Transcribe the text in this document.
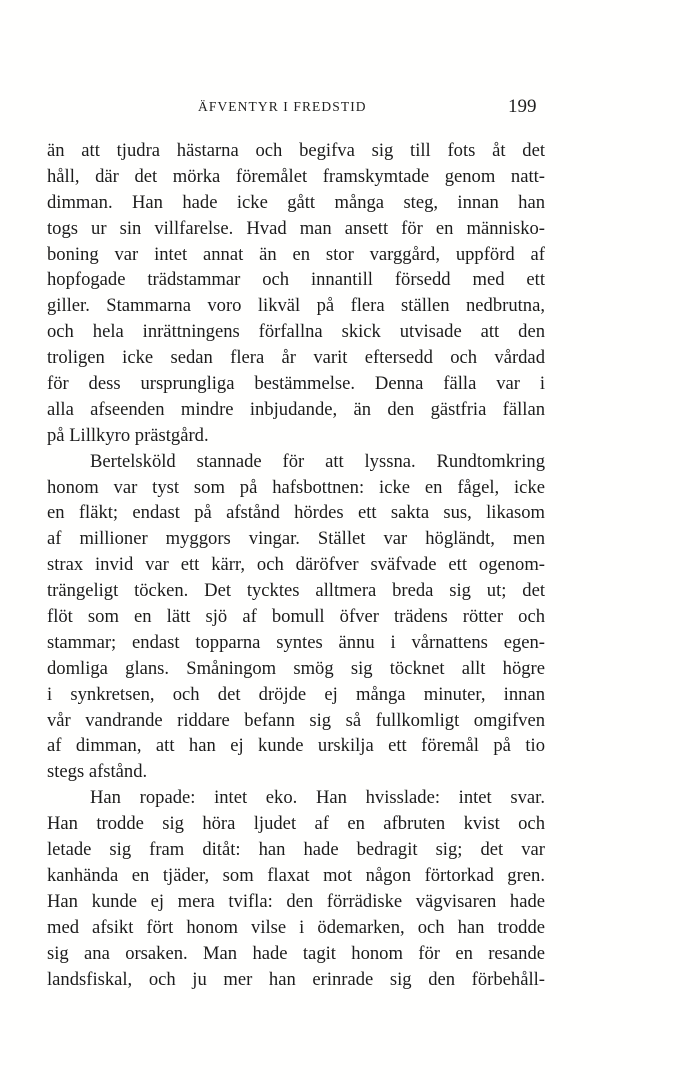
ÄFVENTYR I FREDSTID	199
än att tjudra hästarna och begifva sig till fots åt det
håll, där det mörka föremålet framskymtade genom natt-
dimman. Han hade icke gått många steg, innan han
togs ur sin villfarelse. Hvad man ansett för en människo-
boning var intet annat än en stor varggård, uppförd af
hopfogade trädstammar och innantill försedd med ett
giller. Stammarna voro likväl på flera ställen nedbrutna,
och hela inrättningens förfallna skick utvisade att den
troligen icke sedan flera år varit eftersedd och vårdad
för dess ursprungliga bestämmelse. Denna fälla var i
alla afseenden mindre inbjudande, än den gästfria fällan
på Lillkyro prästgård.
Bertelsköld stannade för att lyssna. Rundtomkring
honom var tyst som på hafsbottnen: icke en fågel, icke
en fläkt; endast på afstånd hördes ett sakta sus, likasom
af millioner myggors vingar. Stället var högländt, men
strax invid var ett kärr, och däröfver sväfvade ett ogenom-
trängeligt töcken. Det tycktes alltmera breda sig ut; det
flöt som en lätt sjö af bomull öfver trädens rötter och
stammar; endast topparna syntes ännu i vårnattens egen-
domliga glans. Småningom smög sig töcknet allt högre
i synkretsen, och det dröjde ej många minuter, innan
vår vandrande riddare befann sig så fullkomligt omgifven
af dimman, att han ej kunde urskilja ett föremål på tio
stegs afstånd.
Han ropade: intet eko. Han hvisslade: intet svar.
Han trodde sig höra ljudet af en afbruten kvist och
letade sig fram ditåt: han hade bedragit sig; det var
kanhända en tjäder, som flaxat mot någon förtorkad gren.
Han kunde ej mera tvifla: den förrädiske vägvisaren hade
med afsikt fört honom vilse i ödemarken, och han trodde
sig ana orsaken. Man hade tagit honom för en resande
landsfiskal, och ju mer han erinrade sig den förbehåll-
